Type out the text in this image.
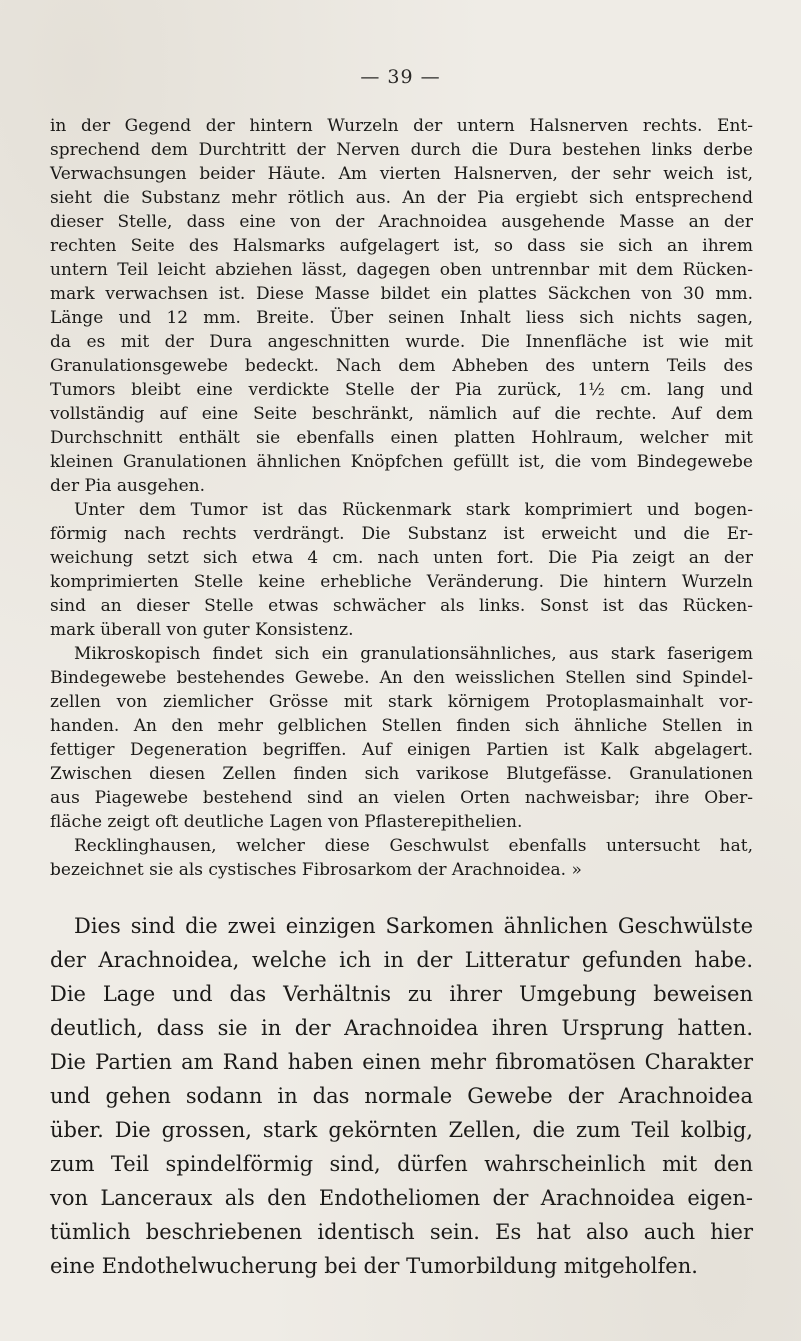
— 39 —
in der Gegend der hintern Wurzeln der untern Halsnerven rechts. Ent-
sprechend dem Durchtritt der Nerven durch die Dura bestehen links derbe
Verwachsungen beider Häute. Am vierten Halsnerven, der sehr weich ist,
sieht die Substanz mehr rötlich aus. An der Pia ergiebt sich entsprechend
dieser Stelle, dass eine von der Arachnoidea ausgehende Masse an der
rechten Seite des Halsmarks aufgelagert ist, so dass sie sich an ihrem
untern Teil leicht abziehen lässt, dagegen oben untrennbar mit dem Rücken-
mark verwachsen ist. Diese Masse bildet ein plattes Säckchen von 30 mm.
Länge und 12 mm. Breite. Über seinen Inhalt liess sich nichts sagen,
da es mit der Dura angeschnitten wurde. Die Innenfläche ist wie mit
Granulationsgewebe bedeckt. Nach dem Abheben des untern Teils des
Tumors bleibt eine verdickte Stelle der Pia zurück, 1½ cm. lang und
vollständig auf eine Seite beschränkt, nämlich auf die rechte. Auf dem
Durchschnitt enthält sie ebenfalls einen platten Hohlraum, welcher mit
kleinen Granulationen ähnlichen Knöpfchen gefüllt ist, die vom Bindegewebe
der Pia ausgehen.
Unter dem Tumor ist das Rückenmark stark komprimiert und bogen-
förmig nach rechts verdrängt. Die Substanz ist erweicht und die Er-
weichung setzt sich etwa 4 cm. nach unten fort. Die Pia zeigt an der
komprimierten Stelle keine erhebliche Veränderung. Die hintern Wurzeln
sind an dieser Stelle etwas schwächer als links. Sonst ist das Rücken-
mark überall von guter Konsistenz.
Mikroskopisch findet sich ein granulationsähnliches, aus stark faserigem
Bindegewebe bestehendes Gewebe. An den weisslichen Stellen sind Spindel-
zellen von ziemlicher Grösse mit stark körnigem Protoplasmainhalt vor-
handen. An den mehr gelblichen Stellen finden sich ähnliche Stellen in
fettiger Degeneration begriffen. Auf einigen Partien ist Kalk abgelagert.
Zwischen diesen Zellen finden sich varikose Blutgefässe. Granulationen
aus Piagewebe bestehend sind an vielen Orten nachweisbar; ihre Ober-
fläche zeigt oft deutliche Lagen von Pflasterepithelien.
Recklinghausen, welcher diese Geschwulst ebenfalls untersucht hat,
bezeichnet sie als cystisches Fibrosarkom der Arachnoidea. »
Dies sind die zwei einzigen Sarkomen ähnlichen Geschwülste
der Arachnoidea, welche ich in der Litteratur gefunden habe.
Die Lage und das Verhältnis zu ihrer Umgebung beweisen
deutlich, dass sie in der Arachnoidea ihren Ursprung hatten.
Die Partien am Rand haben einen mehr fibromatösen Charakter
und gehen sodann in das normale Gewebe der Arachnoidea
über. Die grossen, stark gekörnten Zellen, die zum Teil kolbig,
zum Teil spindelförmig sind, dürfen wahrscheinlich mit den
von Lanceraux als den Endotheliomen der Arachnoidea eigen-
tümlich beschriebenen identisch sein. Es hat also auch hier
eine Endothelwucherung bei der Tumorbildung mitgeholfen.
